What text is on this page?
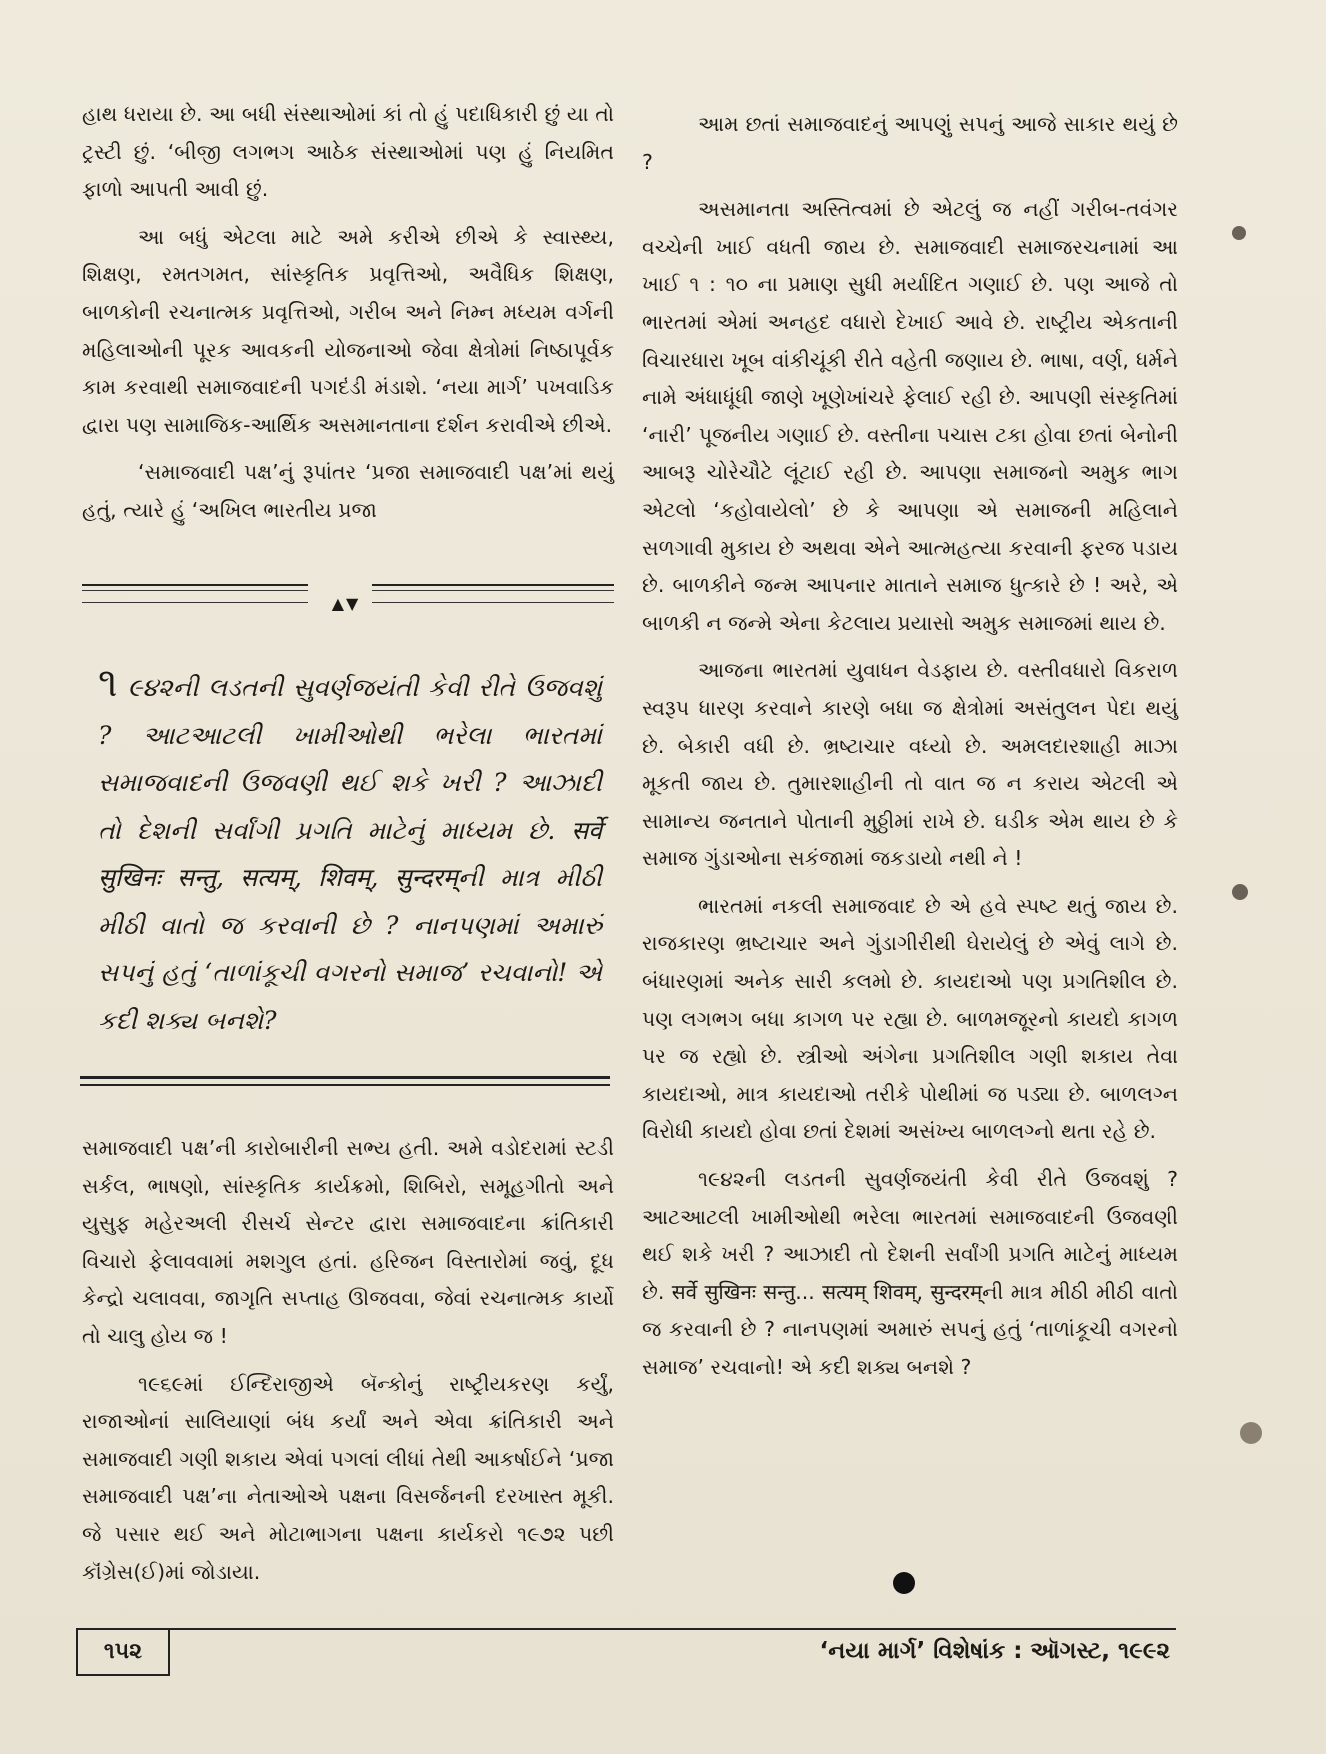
હાથ ધરાયા છે. આ બધી સંસ્થાઓમાં કાં તો હું પદાધિકારી છું યા તો ટ્રસ્ટી છું. ‘બીજી લગભગ આઠેક સંસ્થાઓમાં પણ હું નિયમિત ફાળો આપતી આવી છું.

આ બધું એટલા માટે અમે કરીએ છીએ કે સ્વાસ્થ્ય, શિક્ષણ, રમતગમત, સાંસ્કૃતિક પ્રવૃત્તિઓ, અવૈધિક શિક્ષણ, બાળકોની રચનાત્મક પ્રવૃત્તિઓ, ગરીબ અને નિમ્ન મધ્યમ વર્ગની મહિલાઓની પૂરક આવકની યોજનાઓ જેવા ક્ષેત્રોમાં નિષ્ઠાપૂર્વક કામ કરવાથી સમાજવાદની પગદંડી મંડાશે. ‘નયા માર્ગ’ પખવાડિક દ્વારા પણ સામાજિક-આર્થિક અસમાનતાના દર્શન કરાવીએ છીએ.

‘સમાજવાદી પક્ષ’નું રૂપાંતર ‘પ્રજા સમાજવાદી પક્ષ’માં થયું હતું, ત્યારે હું ‘અખિલ ભારતીય પ્રજા

▲▼
૧ ૯૪૨ની લડતની સુવર્ણજયંતી કેવી રીતે ઉજવશું ? આટઆટલી ખામીઓથી ભરેલા ભારતમાં સમાજવાદની ઉજવણી થઈ શકે ખરી ? આઝાદી તો દેશની સર્વાંગી પ્રગતિ માટેનું માધ્યમ છે. सर्वे सुखिनः सन्तु, सत्यम्, शिवम्, सुन्दरम्ની માત્ર મીઠી મીઠી વાતો જ કરવાની છે ? નાનપણમાં અમારું સપનું હતું ‘તાળાંકૂચી વગરનો સમાજ’ રચવાનો! એ કદી શક્ય બનશે?

સમાજવાદી પક્ષ’ની કારોબારીની સભ્ય હતી. અમે વડોદરામાં સ્ટડી સર્કલ, ભાષણો, સાંસ્કૃતિક કાર્યક્રમો, શિબિરો, સમૂહગીતો અને યુસુફ મહેરઅલી રીસર્ચ સેન્ટર દ્વારા સમાજવાદના ક્રાંતિકારી વિચારો ફેલાવવામાં મશગુલ હતાં. હરિજન વિસ્તારોમાં જવું, દૂધ કેન્દ્રો ચલાવવા, જાગૃતિ સપ્તાહ ઊજવવા, જેવાં રચનાત્મક કાર્યો તો ચાલુ હોય જ !

૧૯૬૯માં ઈન્દિરાજીએ બૅન્કોનું રાષ્ટ્રીયકરણ કર્યું, રાજાઓનાં સાલિયાણાં બંધ કર્યાં અને એવા ક્રાંતિકારી અને સમાજવાદી ગણી શકાય એવાં પગલાં લીધાં તેથી આકર્ષાઈને ‘પ્રજા સમાજવાદી પક્ષ’ના નેતાઓએ પક્ષના વિસર્જનની દરખાસ્ત મૂકી. જે પસાર થઈ અને મોટાભાગના પક્ષના કાર્યકરો ૧૯૭૨ પછી કૉંગ્રેસ(ઈ)માં જોડાયા.

આમ છતાં સમાજવાદનું આપણું સપનું આજે સાકાર થયું છે ?

અસમાનતા અસ્તિત્વમાં છે એટલું જ નહીં ગરીબ-તવંગર વચ્ચેની ખાઈ વધતી જાય છે. સમાજવાદી સમાજરચનામાં આ ખાઈ ૧ : ૧૦ ના પ્રમાણ સુધી મર્યાદિત ગણાઈ છે. પણ આજે તો ભારતમાં એમાં અનહદ વધારો દેખાઈ આવે છે. રાષ્ટ્રીય એકતાની વિચારધારા ખૂબ વાંકીચૂંકી રીતે વહેતી જણાય છે. ભાષા, વર્ણ, ધર્મને નામે અંધાધૂંધી જાણે ખૂણેખાંચરે ફેલાઈ રહી છે. આપણી સંસ્કૃતિમાં ‘નારી’ પૂજનીય ગણાઈ છે. વસ્તીના પચાસ ટકા હોવા છતાં બેનોની આબરૂ ચોરેચૌટે લૂંટાઈ રહી છે. આપણા સમાજનો અમુક ભાગ એટલો ‘કહોવાયેલો’ છે કે આપણા એ સમાજની મહિલાને સળગાવી મુકાય છે અથવા એને આત્મહત્યા કરવાની ફરજ પડાય છે. બાળકીને જન્મ આપનાર માતાને સમાજ ધુત્કારે છે ! અરે, એ બાળકી ન જન્મે એના કેટલાય પ્રયાસો અમુક સમાજમાં થાય છે.

આજના ભારતમાં યુવાધન વેડફાય છે. વસ્તીવધારો વિકરાળ સ્વરૂપ ધારણ કરવાને કારણે બધા જ ક્ષેત્રોમાં અસંતુલન પેદા થયું છે. બેકારી વધી છે. ભ્રષ્ટાચાર વધ્યો છે. અમલદારશાહી માઝા મૂકતી જાય છે. તુમારશાહીની તો વાત જ ન કરાય એટલી એ સામાન્ય જનતાને પોતાની મુઠ્ઠીમાં રાખે છે. ઘડીક એમ થાય છે કે સમાજ ગુંડાઓના સકંજામાં જકડાયો નથી ને !

ભારતમાં નકલી સમાજવાદ છે એ હવે સ્પષ્ટ થતું જાય છે. રાજકારણ ભ્રષ્ટાચાર અને ગુંડાગીરીથી ઘેરાયેલું છે એવું લાગે છે. બંધારણમાં અનેક સારી કલમો છે. કાયદાઓ પણ પ્રગતિશીલ છે. પણ લગભગ બધા કાગળ પર રહ્યા છે. બાળમજૂરનો કાયદો કાગળ પર જ રહ્યો છે. સ્ત્રીઓ અંગેના પ્રગતિશીલ ગણી શકાય તેવા કાયદાઓ, માત્ર કાયદાઓ તરીકે પોથીમાં જ પડ્યા છે. બાળલગ્ન વિરોધી કાયદો હોવા છતાં દેશમાં અસંખ્ય બાળલગ્નો થતા રહે છે.

૧૯૪૨ની લડતની સુવર્ણજયંતી કેવી રીતે ઉજવશું ? આટઆટલી ખામીઓથી ભરેલા ભારતમાં સમાજવાદની ઉજવણી થઈ શકે ખરી ? આઝાદી તો દેશની સર્વાંગી પ્રગતિ માટેનું માધ્યમ છે. सर्वे सुखिनः सन्तु... सत्यम् शिवम्, सुन्दरम्ની માત્ર મીઠી મીઠી વાતો જ કરવાની છે ? નાનપણમાં અમારું સપનું હતું ‘તાળાંકૂચી વગરનો સમાજ’ રચવાનો! એ કદી શક્ય બનશે ?

૧૫૨	‘નયા માર્ગ’ વિશેષાંક : ઑગસ્ટ, ૧૯૯૨
